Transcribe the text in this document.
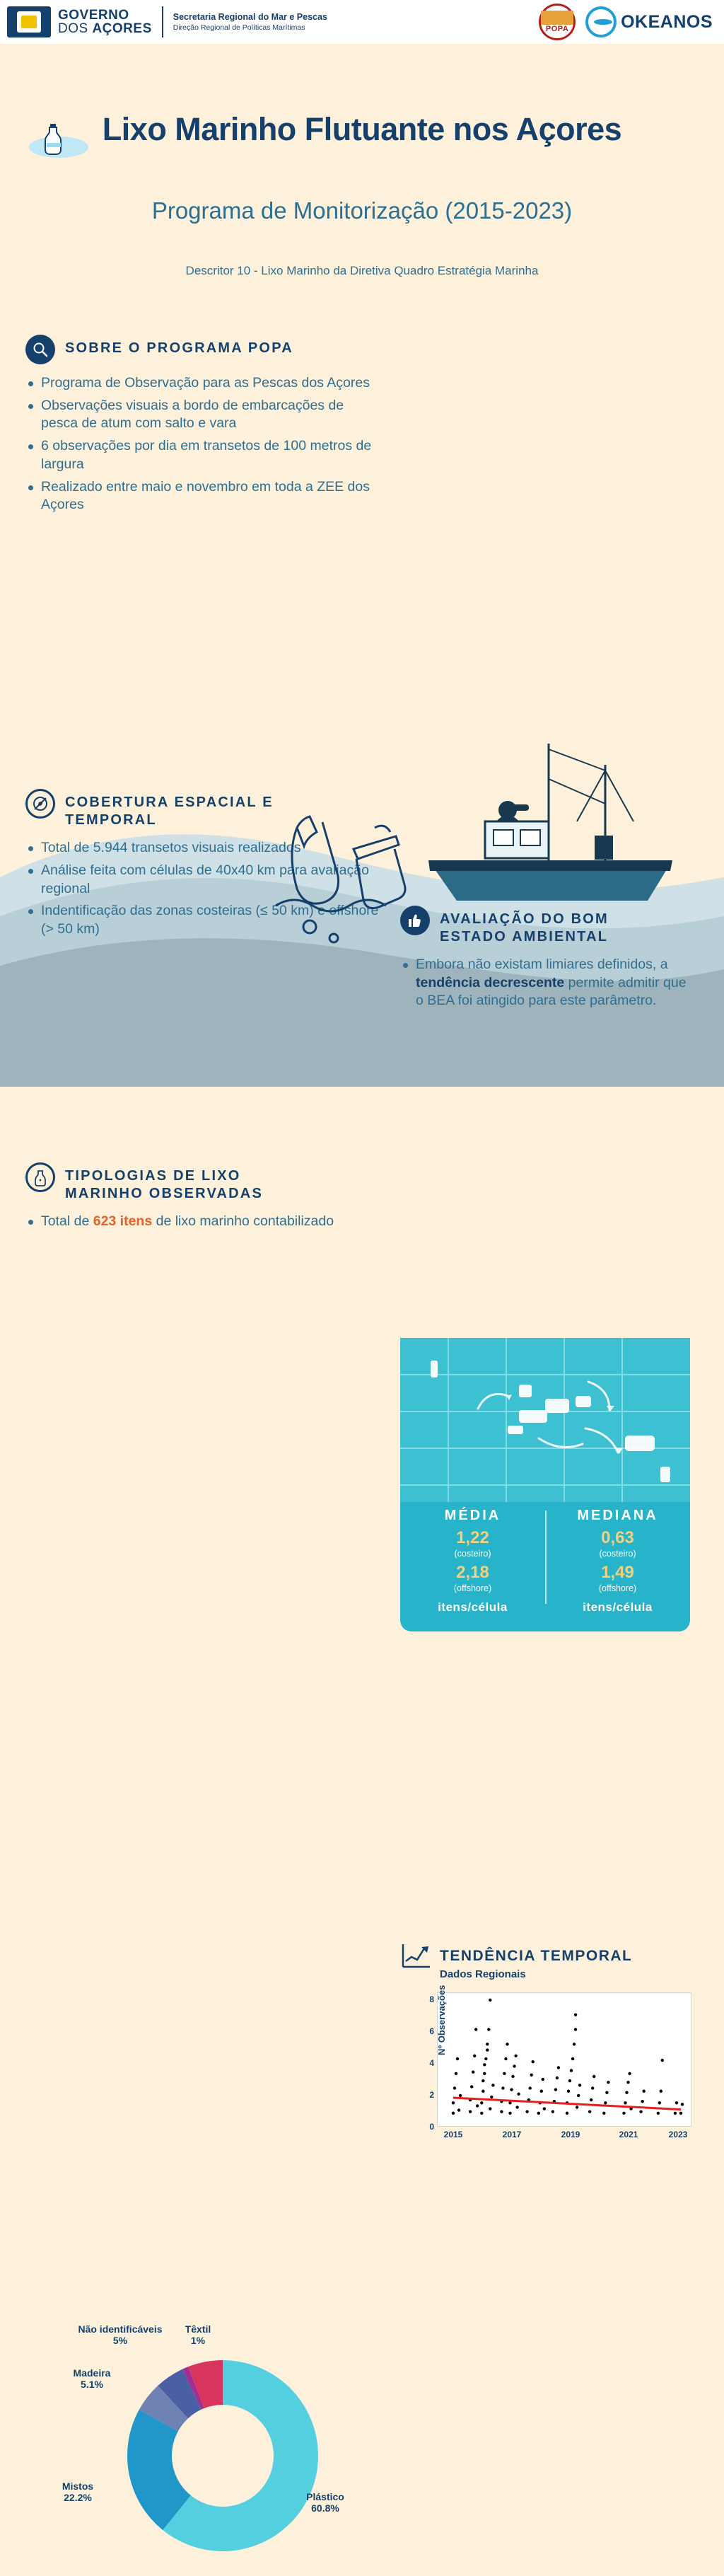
GOVERNO
DOS AÇORES
Secretaria Regional do Mar e Pescas
Direção Regional de Políticas Marítimas	POPA	OKEANOS
Lixo Marinho Flutuante nos Açores
Programa de Monitorização (2015-2023)
Descritor 10 - Lixo Marinho da Diretiva Quadro Estratégia Marinha
SOBRE O PROGRAMA POPA
Programa de Observação para as Pescas dos Açores
Observações visuais a bordo de embarcações de pesca de atum com salto e vara
6 observações por dia em transetos de 100 metros de largura
Realizado entre maio e novembro em toda a ZEE dos Açores
COBERTURA ESPACIAL E
TEMPORAL
Total de 5.944 transetos visuais realizados
Análise feita com células de 40x40 km para avaliação regional
Indentificação das zonas costeiras (≤ 50 km) e offshore (> 50 km)
TIPOLOGIAS DE LIXO
MARINHO OBSERVADAS
Total de 623 itens de lixo marinho contabilizado
MÉDIA
1,22
(costeiro)
2,18
(offshore)
itens/célula
MEDIANA
0,63
(costeiro)
1,49
(offshore)
itens/célula
TENDÊNCIA TEMPORAL
Dados Regionais
Nº Observações
0
2
4
6
8
2015	2017	2019	2021	2023
Não identificáveis
5%
Têxtil
1%
Madeira
5.1%
Mistos
22.2%	Plástico
60.8%
AVALIAÇÃO DO BOM
ESTADO AMBIENTAL
Embora não existam limiares definidos, a tendência decrescente permite admitir que o BEA foi atingido para este parâmetro.
